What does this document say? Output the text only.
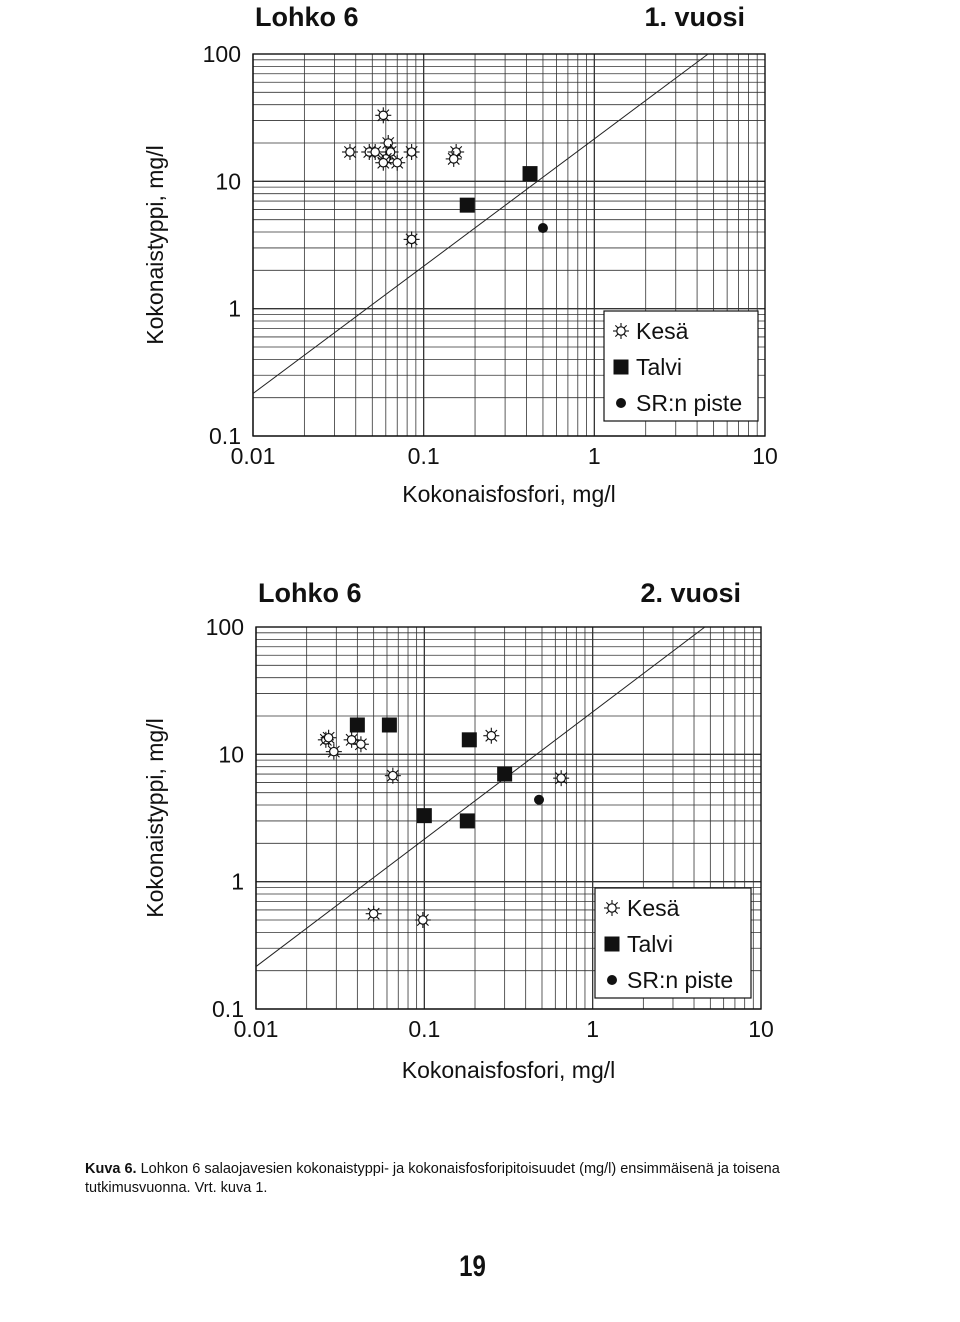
0.01	0.1	1	10
0.1
1
10
100
Lohko 6	1. vuosi
Kokonaisfosfori, mg/l
Kokonaistyppi, mg/l	Kesä
Talvi
SR:n piste
0.01	0.1	1	10
0.1
1
10
100
Lohko 6	2. vuosi
Kokonaisfosfori, mg/l
Kokonaistyppi, mg/l	Kesä
Talvi
SR:n piste
Kuva 6. Lohkon 6 salaojavesien kokonaistyppi- ja kokonaisfosforipitoisuudet (mg/l) ensimmäisenä ja toisena tutkimusvuonna. Vrt. kuva 1.
19
